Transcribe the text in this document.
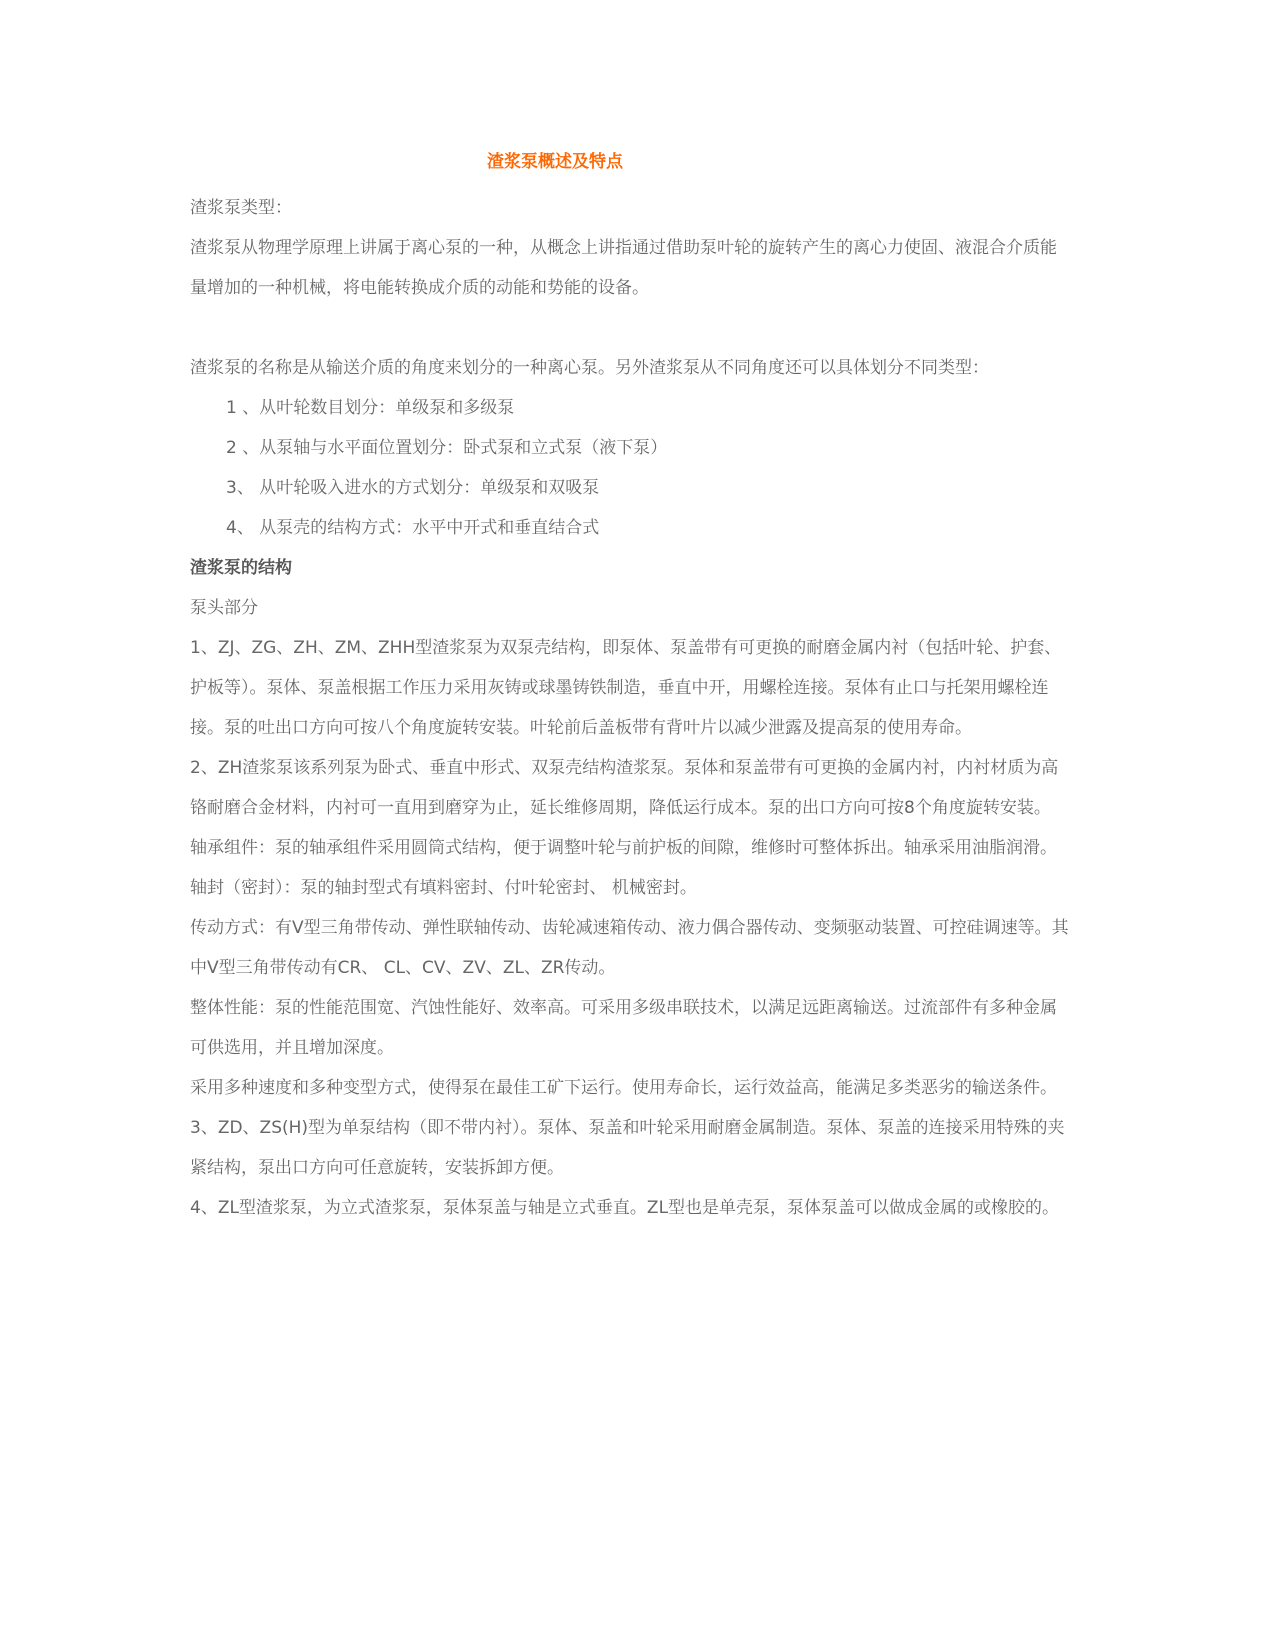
渣浆泵概述及特点

渣浆泵类型：

渣浆泵从物理学原理上讲属于离心泵的一种，从概念上讲指通过借助泵叶轮的旋转产生的离心力使固、液混合介质能量增加的一种机械，将电能转换成介质的动能和势能的设备。

渣浆泵的名称是从输送介质的角度来划分的一种离心泵。另外渣浆泵从不同角度还可以具体划分不同类型：

1 、从叶轮数目划分：单级泵和多级泵

2 、从泵轴与水平面位置划分：卧式泵和立式泵（液下泵）

3、 从叶轮吸入进水的方式划分：单级泵和双吸泵

4、 从泵壳的结构方式：水平中开式和垂直结合式

渣浆泵的结构

泵头部分

1、ZJ、ZG、ZH、ZM、ZHH型渣浆泵为双泵壳结构，即泵体、泵盖带有可更换的耐磨金属内衬（包括叶轮、护套、护板等）。泵体、泵盖根据工作压力采用灰铸或球墨铸铁制造，垂直中开，用螺栓连接。泵体有止口与托架用螺栓连接。泵的吐出口方向可按八个角度旋转安装。叶轮前后盖板带有背叶片以减少泄露及提高泵的使用寿命。

2、ZH渣浆泵该系列泵为卧式、垂直中形式、双泵壳结构渣浆泵。泵体和泵盖带有可更换的金属内衬，内衬材质为高铬耐磨合金材料，内衬可一直用到磨穿为止，延长维修周期，降低运行成本。泵的出口方向可按8个角度旋转安装。

轴承组件：泵的轴承组件采用圆筒式结构，便于调整叶轮与前护板的间隙，维修时可整体拆出。轴承采用油脂润滑。

轴封（密封）：泵的轴封型式有填料密封、付叶轮密封、 机械密封。

传动方式：有V型三角带传动、弹性联轴传动、齿轮减速箱传动、液力偶合器传动、变频驱动装置、可控硅调速等。其中V型三角带传动有CR、 CL、CV、ZV、ZL、ZR传动。

整体性能：泵的性能范围宽、汽蚀性能好、效率高。可采用多级串联技术，以满足远距离输送。过流部件有多种金属可供选用，并且增加深度。

采用多种速度和多种变型方式，使得泵在最佳工矿下运行。使用寿命长，运行效益高，能满足多类恶劣的输送条件。

3、ZD、ZS(H)型为单泵结构（即不带内衬）。泵体、泵盖和叶轮采用耐磨金属制造。泵体、泵盖的连接采用特殊的夹紧结构，泵出口方向可任意旋转，安装拆卸方便。

4、ZL型渣浆泵，为立式渣浆泵，泵体泵盖与轴是立式垂直。ZL型也是单壳泵，泵体泵盖可以做成金属的或橡胶的。
